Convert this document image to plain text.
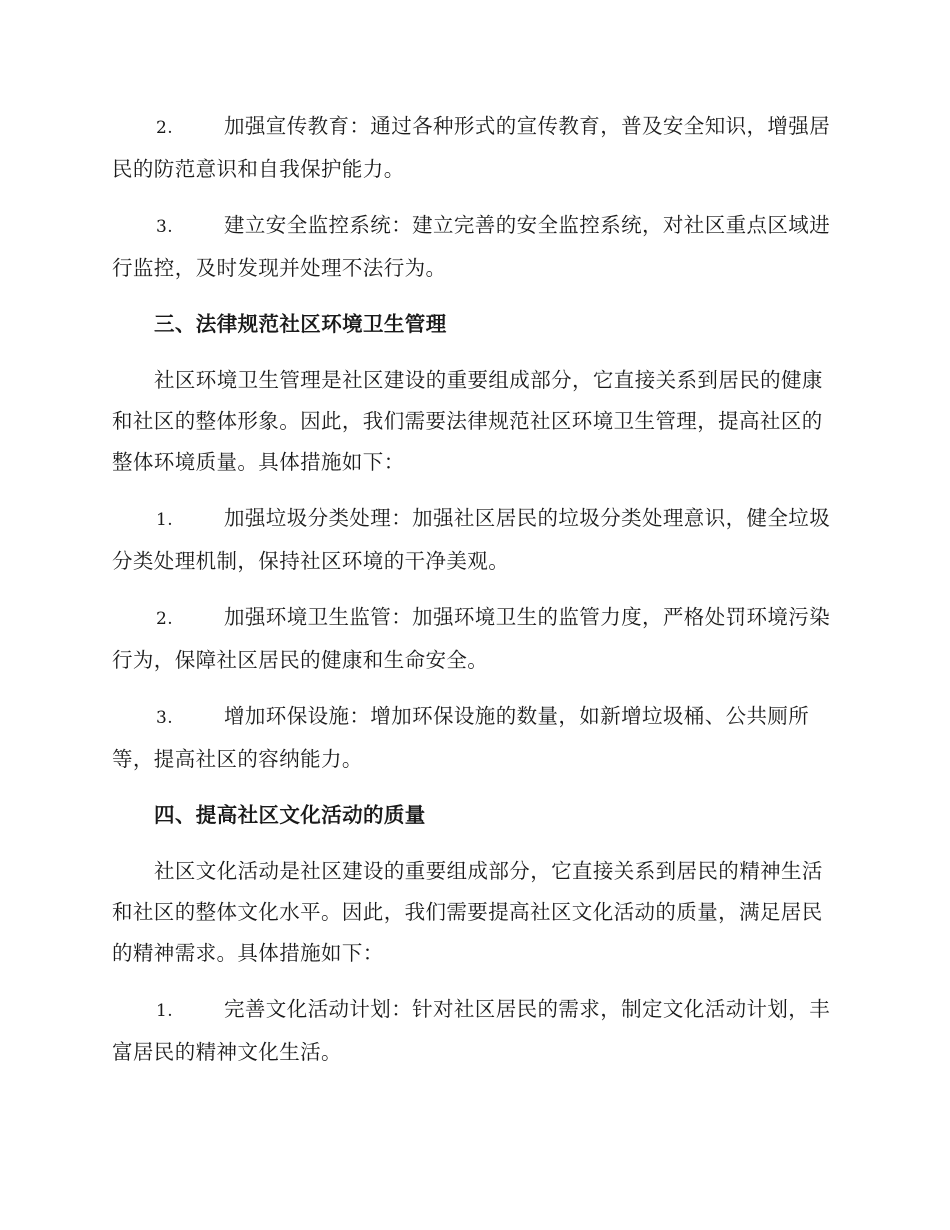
2. 加强宣传教育：通过各种形式的宣传教育，普及安全知识，增强居民的防范意识和自我保护能力。

3. 建立安全监控系统：建立完善的安全监控系统，对社区重点区域进行监控，及时发现并处理不法行为。

三、法律规范社区环境卫生管理

社区环境卫生管理是社区建设的重要组成部分，它直接关系到居民的健康和社区的整体形象。因此，我们需要法律规范社区环境卫生管理，提高社区的整体环境质量。具体措施如下：

1. 加强垃圾分类处理：加强社区居民的垃圾分类处理意识，健全垃圾分类处理机制，保持社区环境的干净美观。

2. 加强环境卫生监管：加强环境卫生的监管力度，严格处罚环境污染行为，保障社区居民的健康和生命安全。

3. 增加环保设施：增加环保设施的数量，如新增垃圾桶、公共厕所等，提高社区的容纳能力。

四、提高社区文化活动的质量

社区文化活动是社区建设的重要组成部分，它直接关系到居民的精神生活和社区的整体文化水平。因此，我们需要提高社区文化活动的质量，满足居民的精神需求。具体措施如下：

1. 完善文化活动计划：针对社区居民的需求，制定文化活动计划，丰富居民的精神文化生活。
